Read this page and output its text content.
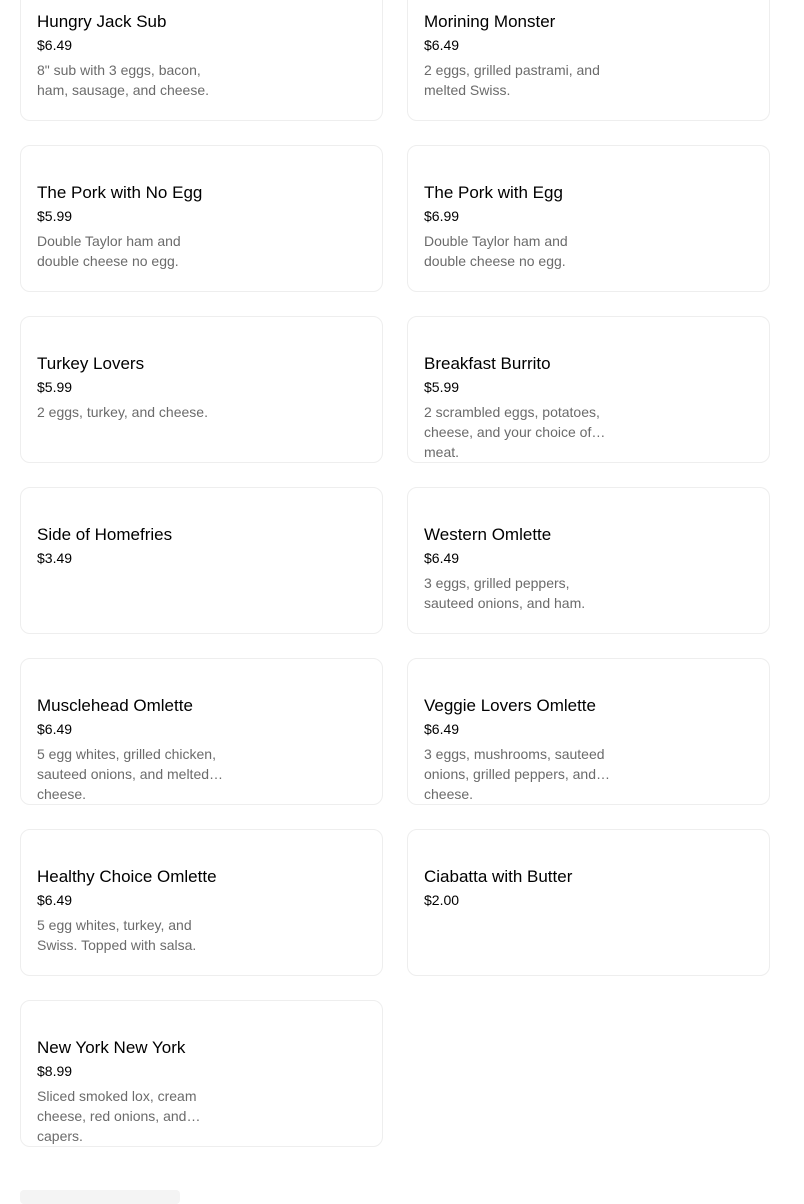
Hungry Jack Sub
$6.49
8" sub with 3 eggs, bacon, ham, sausage, and cheese.
Morining Monster
$6.49
2 eggs, grilled pastrami, and melted Swiss.
The Pork with No Egg
$5.99
Double Taylor ham and double cheese no egg.
The Pork with Egg
$6.99
Double Taylor ham and double cheese no egg.
Turkey Lovers
$5.99
2 eggs, turkey, and cheese.
Breakfast Burrito
$5.99
2 scrambled eggs, potatoes, cheese, and your choice of meat.
Side of Homefries
$3.49
Western Omlette
$6.49
3 eggs, grilled peppers, sauteed onions, and ham.
Musclehead Omlette
$6.49
5 egg whites, grilled chicken, sauteed onions, and melted cheese.
Veggie Lovers Omlette
$6.49
3 eggs, mushrooms, sauteed onions, grilled peppers, and cheese.
Healthy Choice Omlette
$6.49
5 egg whites, turkey, and Swiss. Topped with salsa.
Ciabatta with Butter
$2.00
New York New York
$8.99
Sliced smoked lox, cream cheese, red onions, and capers.
